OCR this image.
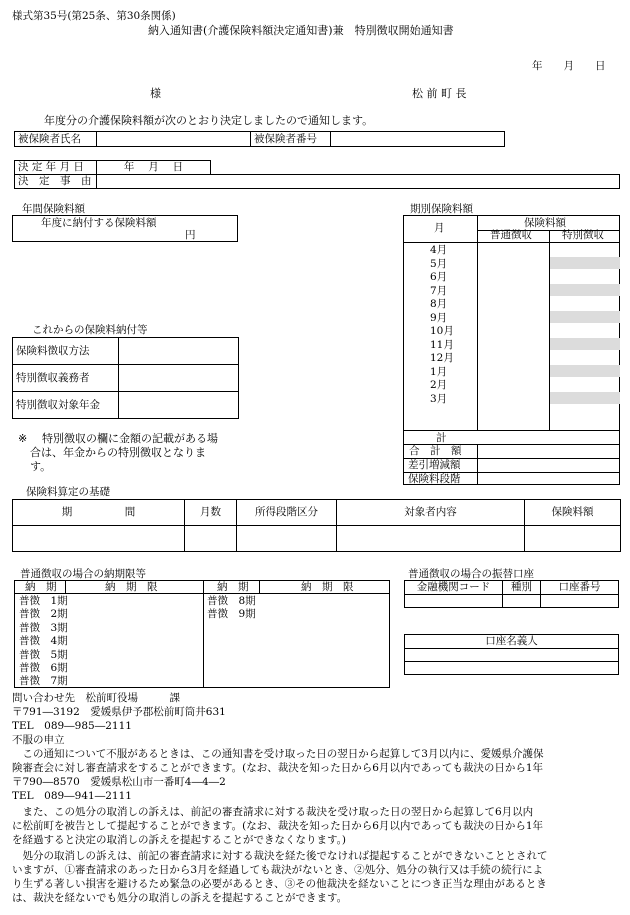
様式第35号(第25条、第30条関係)
納入通知書(介護保険料額決定通知書)兼　特別徴収開始通知書
年　　月　　日
様	松 前 町 長
年度分の介護保険料額が次のとおり決定しましたので通知します。
被保険者氏名		被保険者番号	
決 定 年 月 日	年　 月　 日
決　定　事　由	
年間保険料額
年度に納付する保険料額
円
これからの保険料納付等
保険料徴収方法	
特別徴収義務者	
特別徴収対象年金	
※ 特別徴収の欄に金額の記載がある場
合は、年金からの特別徴収となりま
す。
期別保険料額
月	保険料額
普通徴収	特別徴収
4月
5月
6月
7月
8月
9月
10月
11月
12月
1月
2月
3月
計
合　計　額
差引増減額
保険料段階
保険料算定の基礎
期　　　　　間	月数	所得段階区分	対象者内容	保険料額

普通徴収の場合の納期限等
納　期	納　期　限	納　期	納　期　限
普徴　1期
普徴　2期
普徴　3期
普徴　4期
普徴　5期
普徴　6期
普徴　7期
普徴　8期
普徴　9期
普通徴収の場合の振替口座
金融機関コード	種別	口座番号

口座名義人

問い合わせ先　松前町役場　　　課
〒791―3192　愛媛県伊予郡松前町筒井631
TEL　089―985―2111
不服の申立
　この通知について不服があるときは、この通知書を受け取った日の翌日から起算して3月以内に、愛媛県介護保
険審査会に対し審査請求をすることができます。(なお、裁決を知った日から6月以内であっても裁決の日から1年
〒790―8570　愛媛県松山市一番町4―4―2
TEL　089―941―2111
　また、この処分の取消しの訴えは、前記の審査請求に対する裁決を受け取った日の翌日から起算して6月以内
に松前町を被告として提起することができます。(なお、裁決を知った日から6月以内であっても裁決の日から1年
を経過すると決定の取消しの訴えを提起することができなくなります。)
　処分の取消しの訴えは、前記の審査請求に対する裁決を経た後でなければ提起することができないこととされて
いますが、①審査請求のあった日から3月を経過しても裁決がないとき、②処分、処分の執行又は手続の続行によ
り生ずる著しい損害を避けるため緊急の必要があるとき、③その他裁決を経ないことにつき正当な理由があるとき
は、裁決を経ないでも処分の取消しの訴えを提起することができます。
